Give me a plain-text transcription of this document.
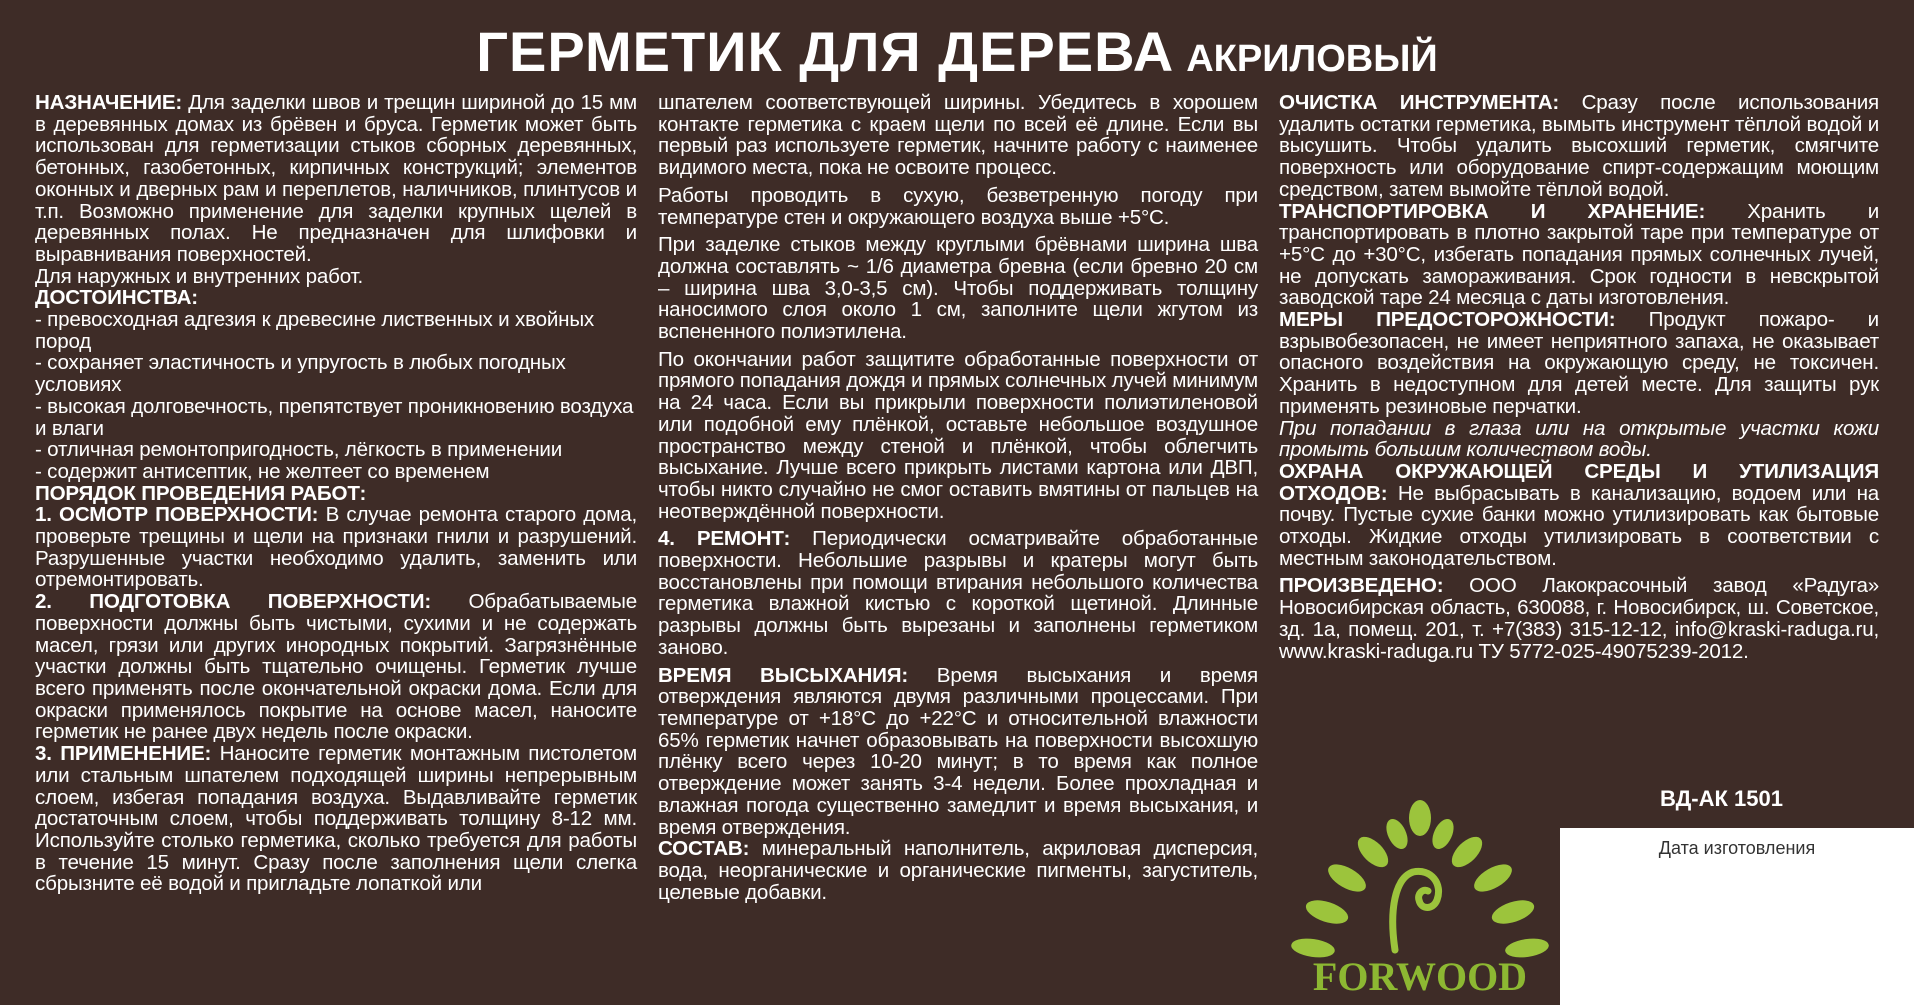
ГЕРМЕТИК ДЛЯ ДЕРЕВА АКРИЛОВЫЙ

НАЗНАЧЕНИЕ: Для заделки швов и трещин шириной до 15 мм в деревянных домах из брёвен и бруса. Герметик может быть использован для герметизации стыков сборных деревянных, бетонных, газобетонных, кирпичных конструкций; элементов оконных и дверных рам и переплетов, наличников, плинтусов и т.п. Возможно применение для заделки крупных щелей в деревянных полах. Не предназначен для шлифовки и выравнивания поверхностей.

Для наружных и внутренних работ.

ДОСТОИНСТВА:

- превосходная адгезия к древесине лиственных и хвойных пород

- сохраняет эластичность и упругость в любых погодных условиях

- высокая долговечность, препятствует проникновению воздуха и влаги

- отличная ремонтопригодность, лёгкость в применении

- содержит антисептик, не желтеет со временем

ПОРЯДОК ПРОВЕДЕНИЯ РАБОТ:

1. ОСМОТР ПОВЕРХНОСТИ: В случае ремонта старого дома, проверьте трещины и щели на признаки гнили и разрушений. Разрушенные участки необходимо удалить, заменить или отремонтировать.

2. ПОДГОТОВКА ПОВЕРХНОСТИ: Обрабатываемые поверхности должны быть чистыми, сухими и не содержать масел, грязи или других инородных покрытий. Загрязнённые участки должны быть тщательно очищены. Герметик лучше всего применять после окончательной окраски дома. Если для окраски применялось покрытие на основе масел, наносите герметик не ранее двух недель после окраски.

3. ПРИМЕНЕНИЕ: Наносите герметик монтажным пистолетом или стальным шпателем подходящей ширины непрерывным слоем, избегая попадания воздуха. Выдавливайте герметик достаточным слоем, чтобы поддерживать толщину 8-12 мм. Используйте столько герметика, сколько требуется для работы в течение 15 минут. Сразу после заполнения щели слегка сбрызните её водой и пригладьте лопаткой или

шпателем соответствующей ширины. Убедитесь в хорошем контакте герметика с краем щели по всей её длине. Если вы первый раз используете герметик, начните работу с наименее видимого места, пока не освоите процесс.

Работы проводить в сухую, безветренную погоду при температуре стен и окружающего воздуха выше +5°С.

При заделке стыков между круглыми брёвнами ширина шва должна составлять ~ 1/6 диаметра бревна (если бревно 20 см – ширина шва 3,0-3,5 см). Чтобы поддерживать толщину наносимого слоя около 1 см, заполните щели жгутом из вспененного полиэтилена.

По окончании работ защитите обработанные поверхности от прямого попадания дождя и прямых солнечных лучей минимум на 24 часа. Если вы прикрыли поверхности полиэтиленовой или подобной ему плёнкой, оставьте небольшое воздушное пространство между стеной и плёнкой, чтобы облегчить высыхание. Лучше всего прикрыть листами картона или ДВП, чтобы никто случайно не смог оставить вмятины от пальцев на неотверждённой поверхности.

4. РЕМОНТ: Периодически осматривайте обработанные поверхности. Небольшие разрывы и кратеры могут быть восстановлены при помощи втирания небольшого количества герметика влажной кистью с короткой щетиной. Длинные разрывы должны быть вырезаны и заполнены герметиком заново.

ВРЕМЯ ВЫСЫХАНИЯ: Время высыхания и время отверждения являются двумя различными процессами. При температуре от +18°С до +22°С и относительной влажности 65% герметик начнет образовывать на поверхности высохшую плёнку всего через 10-20 минут; в то время как полное отверждение может занять 3-4 недели. Более прохладная и влажная погода существенно замедлит и время высыхания, и время отверждения.

СОСТАВ: минеральный наполнитель, акриловая дисперсия, вода, неорганические и органические пигменты, загуститель, целевые добавки.

ОЧИСТКА ИНСТРУМЕНТА: Сразу после использования удалить остатки герметика, вымыть инструмент тёплой водой и высушить. Чтобы удалить высохший герметик, смягчите поверхность или оборудование спирт-содержащим моющим средством, затем вымойте тёплой водой.

ТРАНСПОРТИРОВКА И ХРАНЕНИЕ: Хранить и транспортировать в плотно закрытой таре при температуре от +5°С до +30°С, избегать попадания прямых солнечных лучей, не допускать замораживания. Срок годности в невскрытой заводской таре 24 месяца с даты изготовления.

МЕРЫ ПРЕДОСТОРОЖНОСТИ: Продукт пожаро- и взрывобезопасен, не имеет неприятного запаха, не оказывает опасного воздействия на окружающую среду, не токсичен. Хранить в недоступном для детей месте. Для защиты рук применять резиновые перчатки.

При попадании в глаза или на открытые участки кожи промыть большим количеством воды.

ОХРАНА ОКРУЖАЮЩЕЙ СРЕДЫ И УТИЛИЗАЦИЯ ОТХОДОВ: Не выбрасывать в канализацию, водоем или на почву. Пустые сухие банки можно утилизировать как бытовые отходы. Жидкие отходы утилизировать в соответствии с местным законодательством.

ПРОИЗВЕДЕНО: ООО Лакокрасочный завод «Радуга» Новосибирская область, 630088, г. Новосибирск, ш. Советское, зд. 1а, помещ. 201, т. +7(383) 315-12-12, info@kraski-raduga.ru, www.kraski-raduga.ru ТУ 5772-025-49075239-2012.

ВД-АК 1501
Дата изготовления
FORWOOD
